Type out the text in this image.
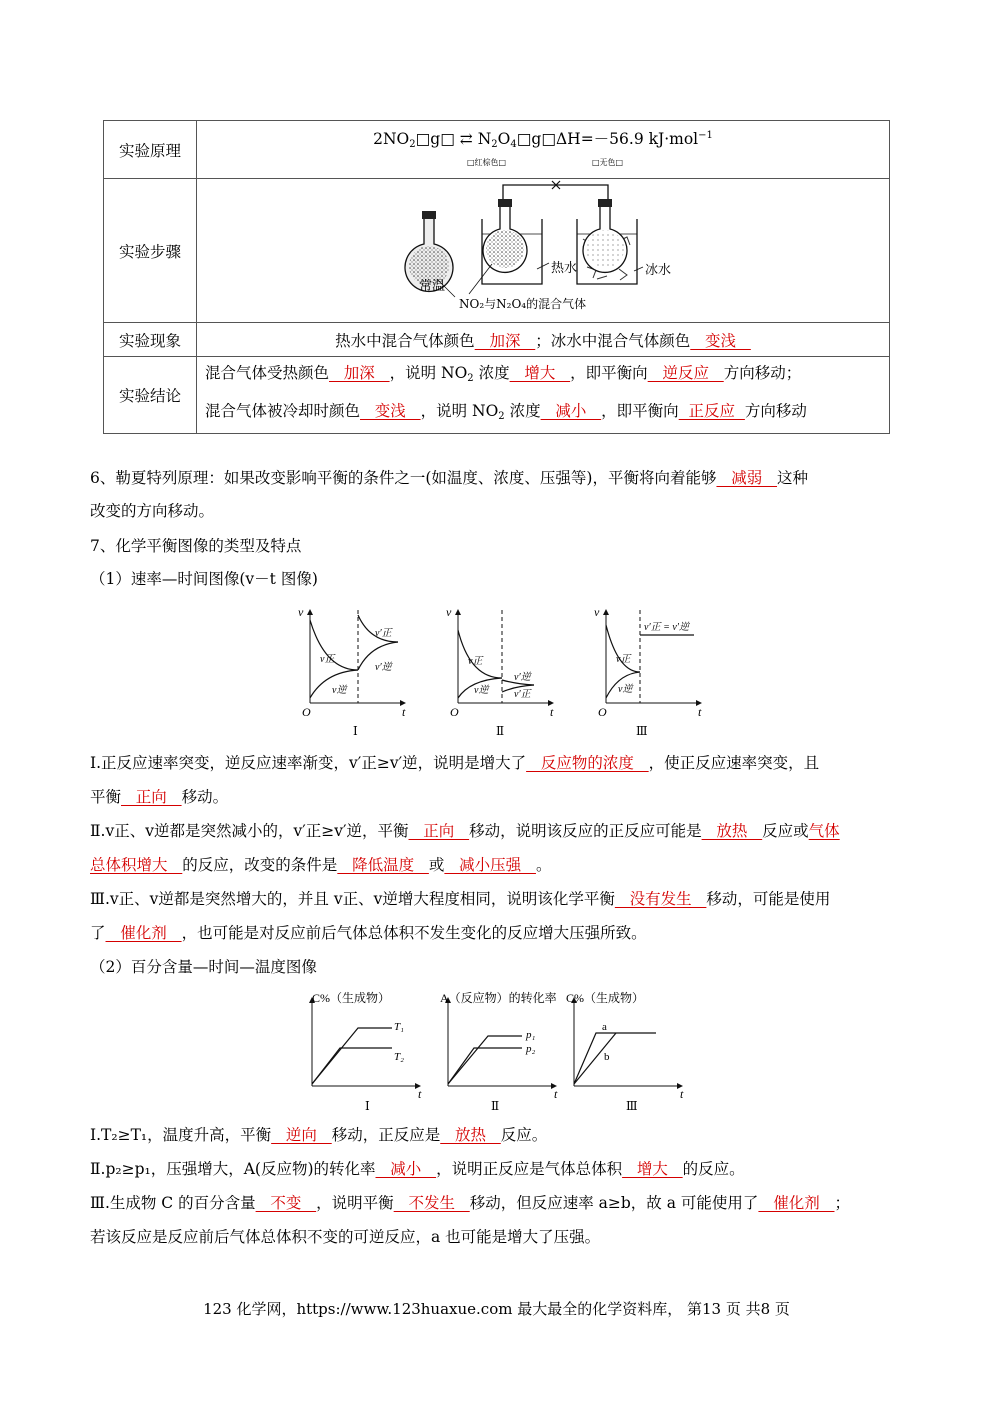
实验原理	$2NO_2□g□$ ⇄ $N_2O_4□g□\Delta H=-56.9$ kJ·mol$^{-1}$
□红棕色□ □无色□

实验步骤	常温
热水 冰水
NO₂与N₂O₄的混合气体

实验现象	热水中混合气体颜色   加深   ；冰水中混合气体颜色   变浅
实验结论	混合气体受热颜色   加深   ，说明 $NO_2$ 浓度   增大   ，即平衡向   逆反应   方向移动；
混合气体被冷却时颜色   变浅   ，说明 $NO_2$ 浓度   减小   ，即平衡向  正反应  方向移动
6、勒夏特列原理：如果改变影响平衡的条件之一(如温度、浓度、压强等)，平衡将向着能够   减弱   这种
改变的方向移动。
7、化学平衡图像的类型及特点
（1）速率—时间图像(v－t 图像)
v
t
O
Ⅰ
v正
v逆
v′正
v′逆
v
t
O
Ⅱ
v正
v逆
v′逆
v′正
v
t
O
Ⅲ
v正
v逆
v′正 = v′逆
Ⅰ.正反应速率突变，逆反应速率渐变，v′正≥v′逆，说明是增大了   反应物的浓度   ，使正反应速率突变，且
平衡   正向   移动。
Ⅱ.v正、v逆都是突然减小的，v′正≥v′逆，平衡   正向   移动，说明该反应的正反应可能是   放热   反应或气体
总体积增大   的反应，改变的条件是   降低温度   或   减小压强   。
Ⅲ.v正、v逆都是突然增大的，并且 v正、v逆增大程度相同，说明该化学平衡   没有发生   移动，可能是使用
了   催化剂   ，也可能是对反应前后气体总体积不发生变化的反应增大压强所致。
（2）百分含量—时间—温度图像
C%（生成物）
T₁
T₂
t
Ⅰ
A（反应物）的转化率
p₁
p₂
t
Ⅱ
C%（生成物）
a
b
t
Ⅲ
Ⅰ.T₂≥T₁，温度升高，平衡   逆向   移动，正反应是   放热   反应。
Ⅱ.p₂≥p₁，压强增大，A(反应物)的转化率   减小   ，说明正反应是气体总体积   增大   的反应。
Ⅲ.生成物 C 的百分含量   不变   ，说明平衡   不发生   移动，但反应速率 a≥b，故 a 可能使用了   催化剂   ；
若该反应是反应前后气体总体积不变的可逆反应，a 也可能是增大了压强。
123 化学网，https://www.123huaxue.com 最大最全的化学资料库， 第13 页 共8 页
